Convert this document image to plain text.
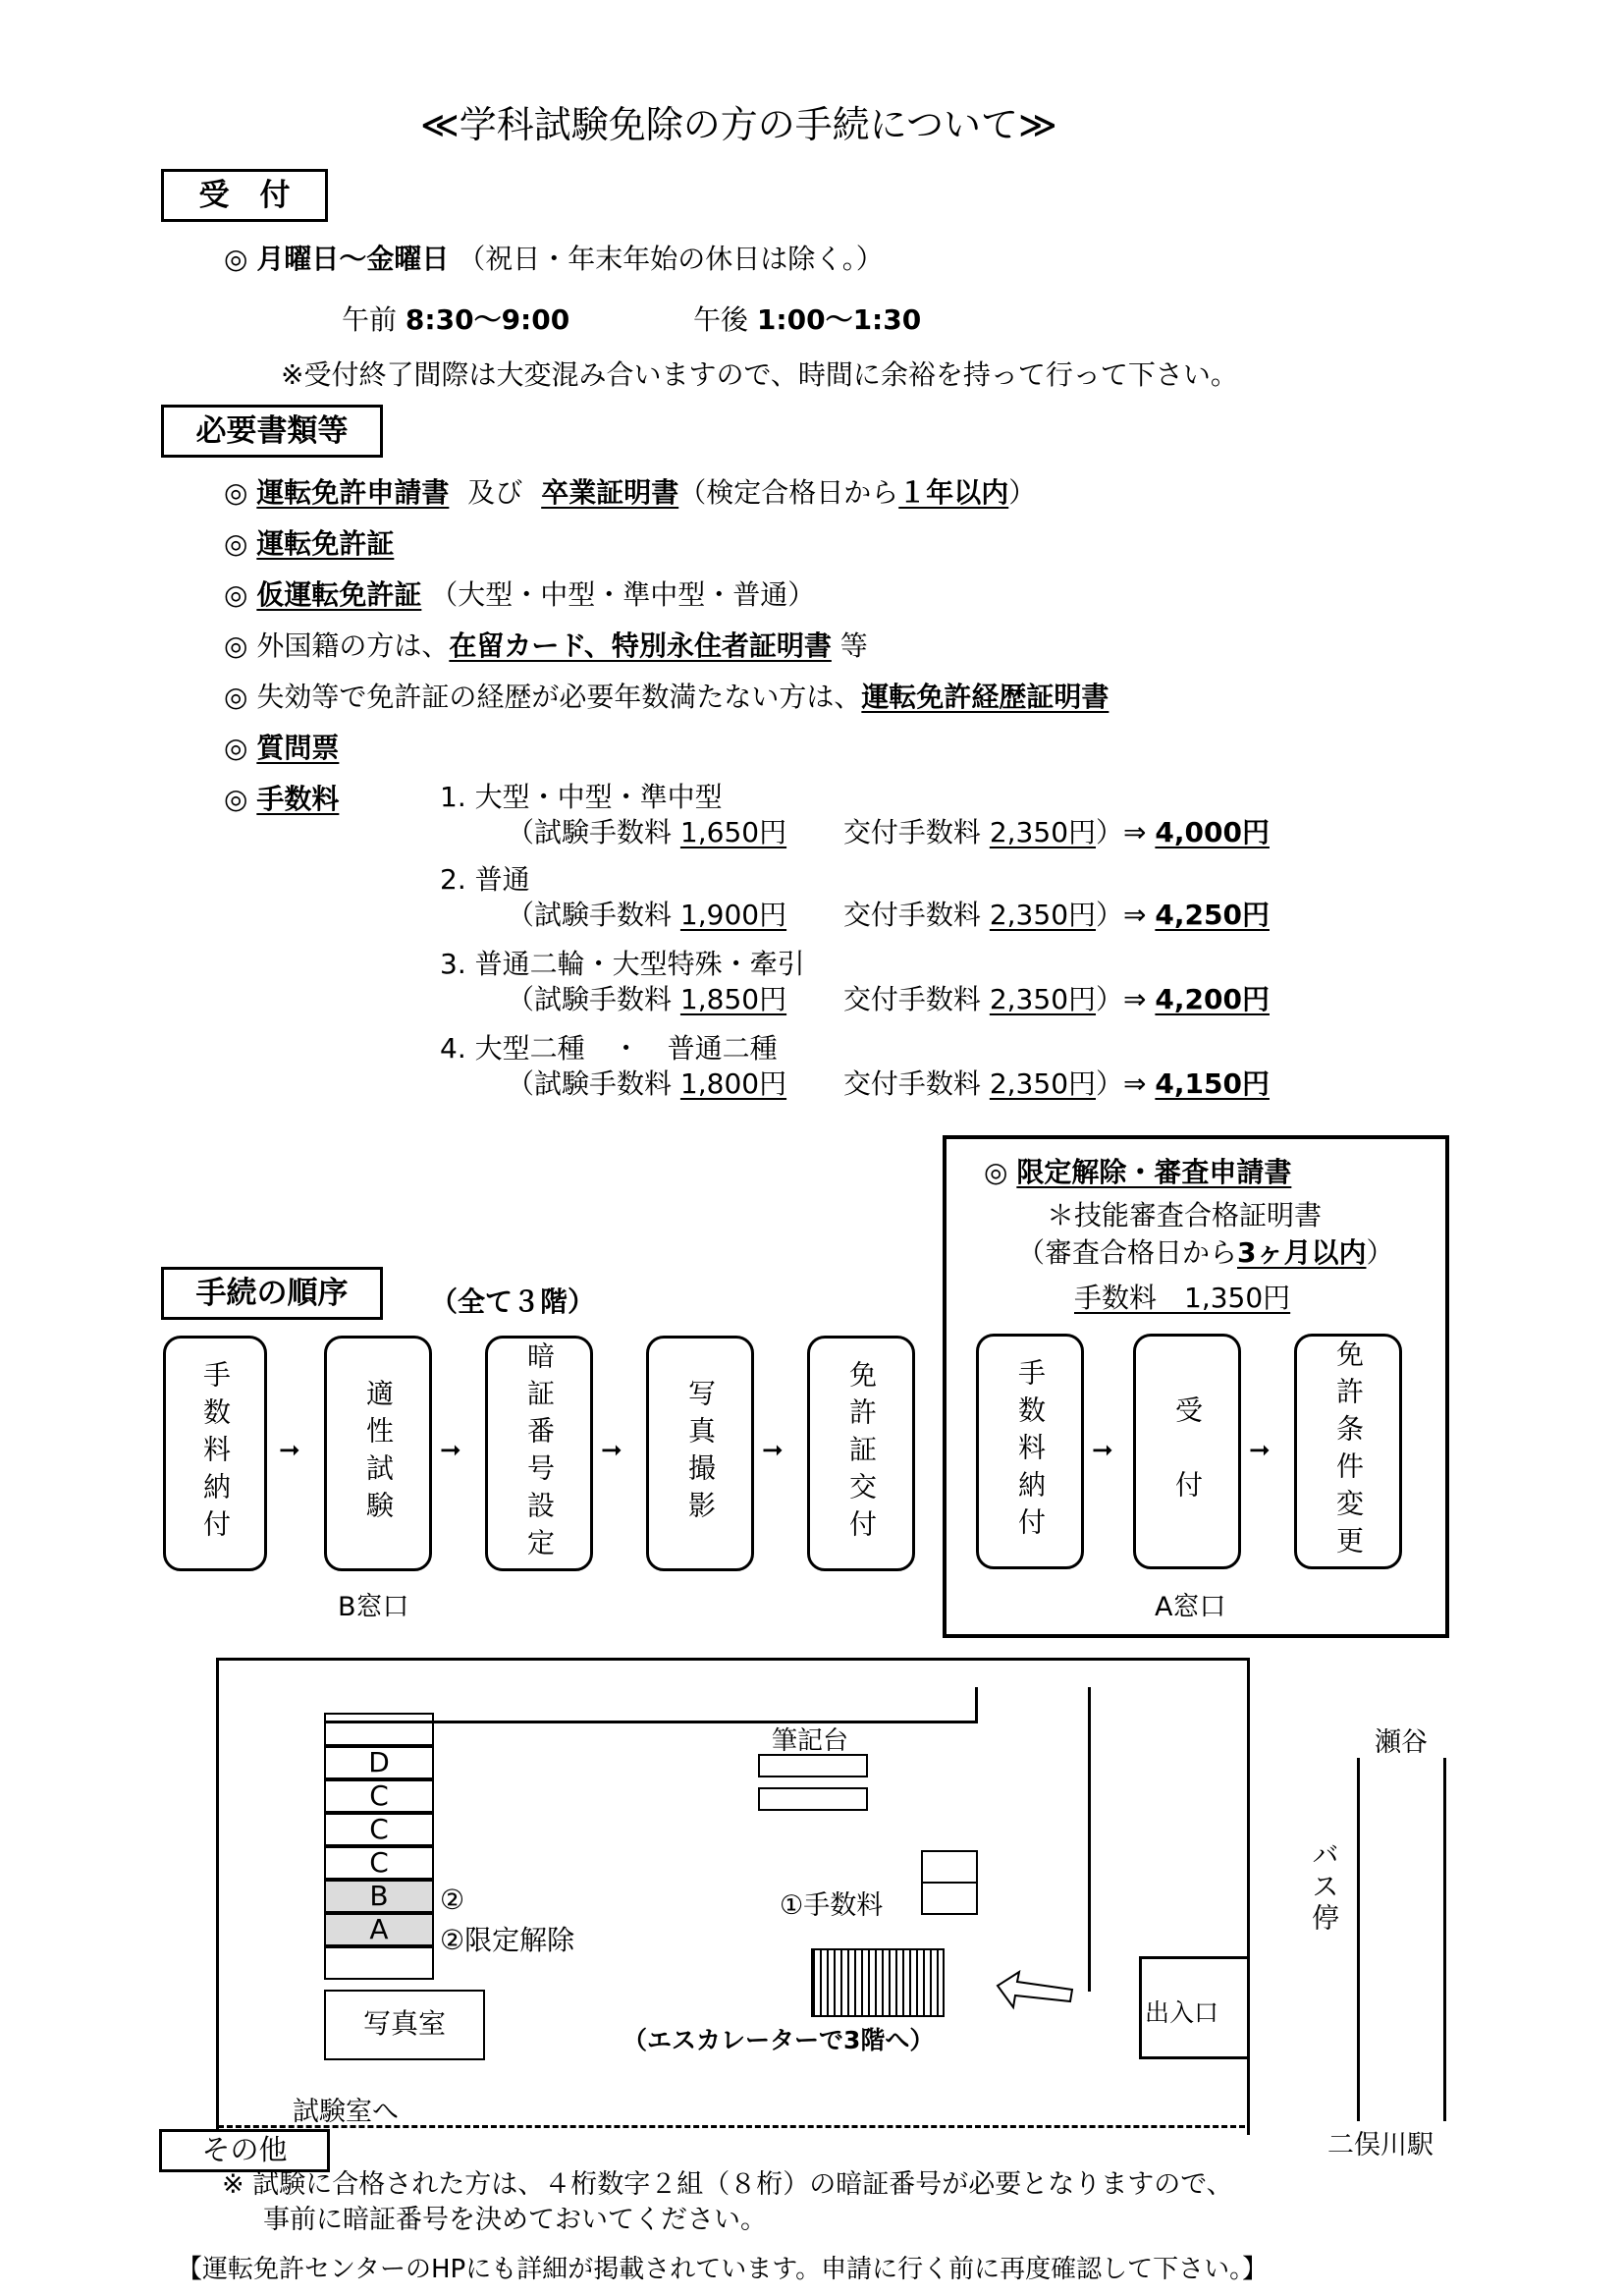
≪学科試験免除の方の手続について≫
受　付
◎ 月曜日〜金曜日 （祝日・年末年始の休日は除く。）
午前 8:30〜9:00	午後 1:00〜1:30
※受付終了間際は大変混み合いますので、時間に余裕を持って行って下さい。
必要書類等
◎ 運転免許申請書 及び 卒業証明書（検定合格日から１年以内）
◎ 運転免許証
◎ 仮運転免許証 （大型・中型・準中型・普通）
◎ 外国籍の方は、在留カード、特別永住者証明書 等
◎ 失効等で免許証の経歴が必要年数満たない方は、運転免許経歴証明書
◎ 質問票
◎ 手数料	1. 大型・中型・準中型
（試験手数料 1,650円 交付手数料 2,350円）⇒ 4,000円
2. 普通
（試験手数料 1,900円 交付手数料 2,350円）⇒ 4,250円
3. 普通二輪・大型特殊・牽引
（試験手数料 1,850円 交付手数料 2,350円）⇒ 4,200円
4. 大型二種　・　普通二種
（試験手数料 1,800円 交付手数料 2,350円）⇒ 4,150円
◎ 限定解除・審査申請書
＊技能審査合格証明書
（審査合格日から3ヶ月以内）
手数料　1,350円
手続の順序	（全て３階）
手数料納付 ➞ 適性試験 ➞ 暗証番号設定 ➞ 写真撮影 ➞ 免許証交付	手数料納付 ➞ 受　付 ➞ 免許条件変更
B窓口	A窓口
筆記台
D
C
C
C
B
A
②
②限定解除
写真室
①手数料
（エスカレーターで3階へ）
出入口
瀬谷
二俣川駅
バス停
試験室へ
その他
※ 試験に合格された方は、４桁数字２組（８桁）の暗証番号が必要となりますので、
事前に暗証番号を決めておいてください。
【運転免許センターのHPにも詳細が掲載されています。申請に行く前に再度確認して下さい。】
